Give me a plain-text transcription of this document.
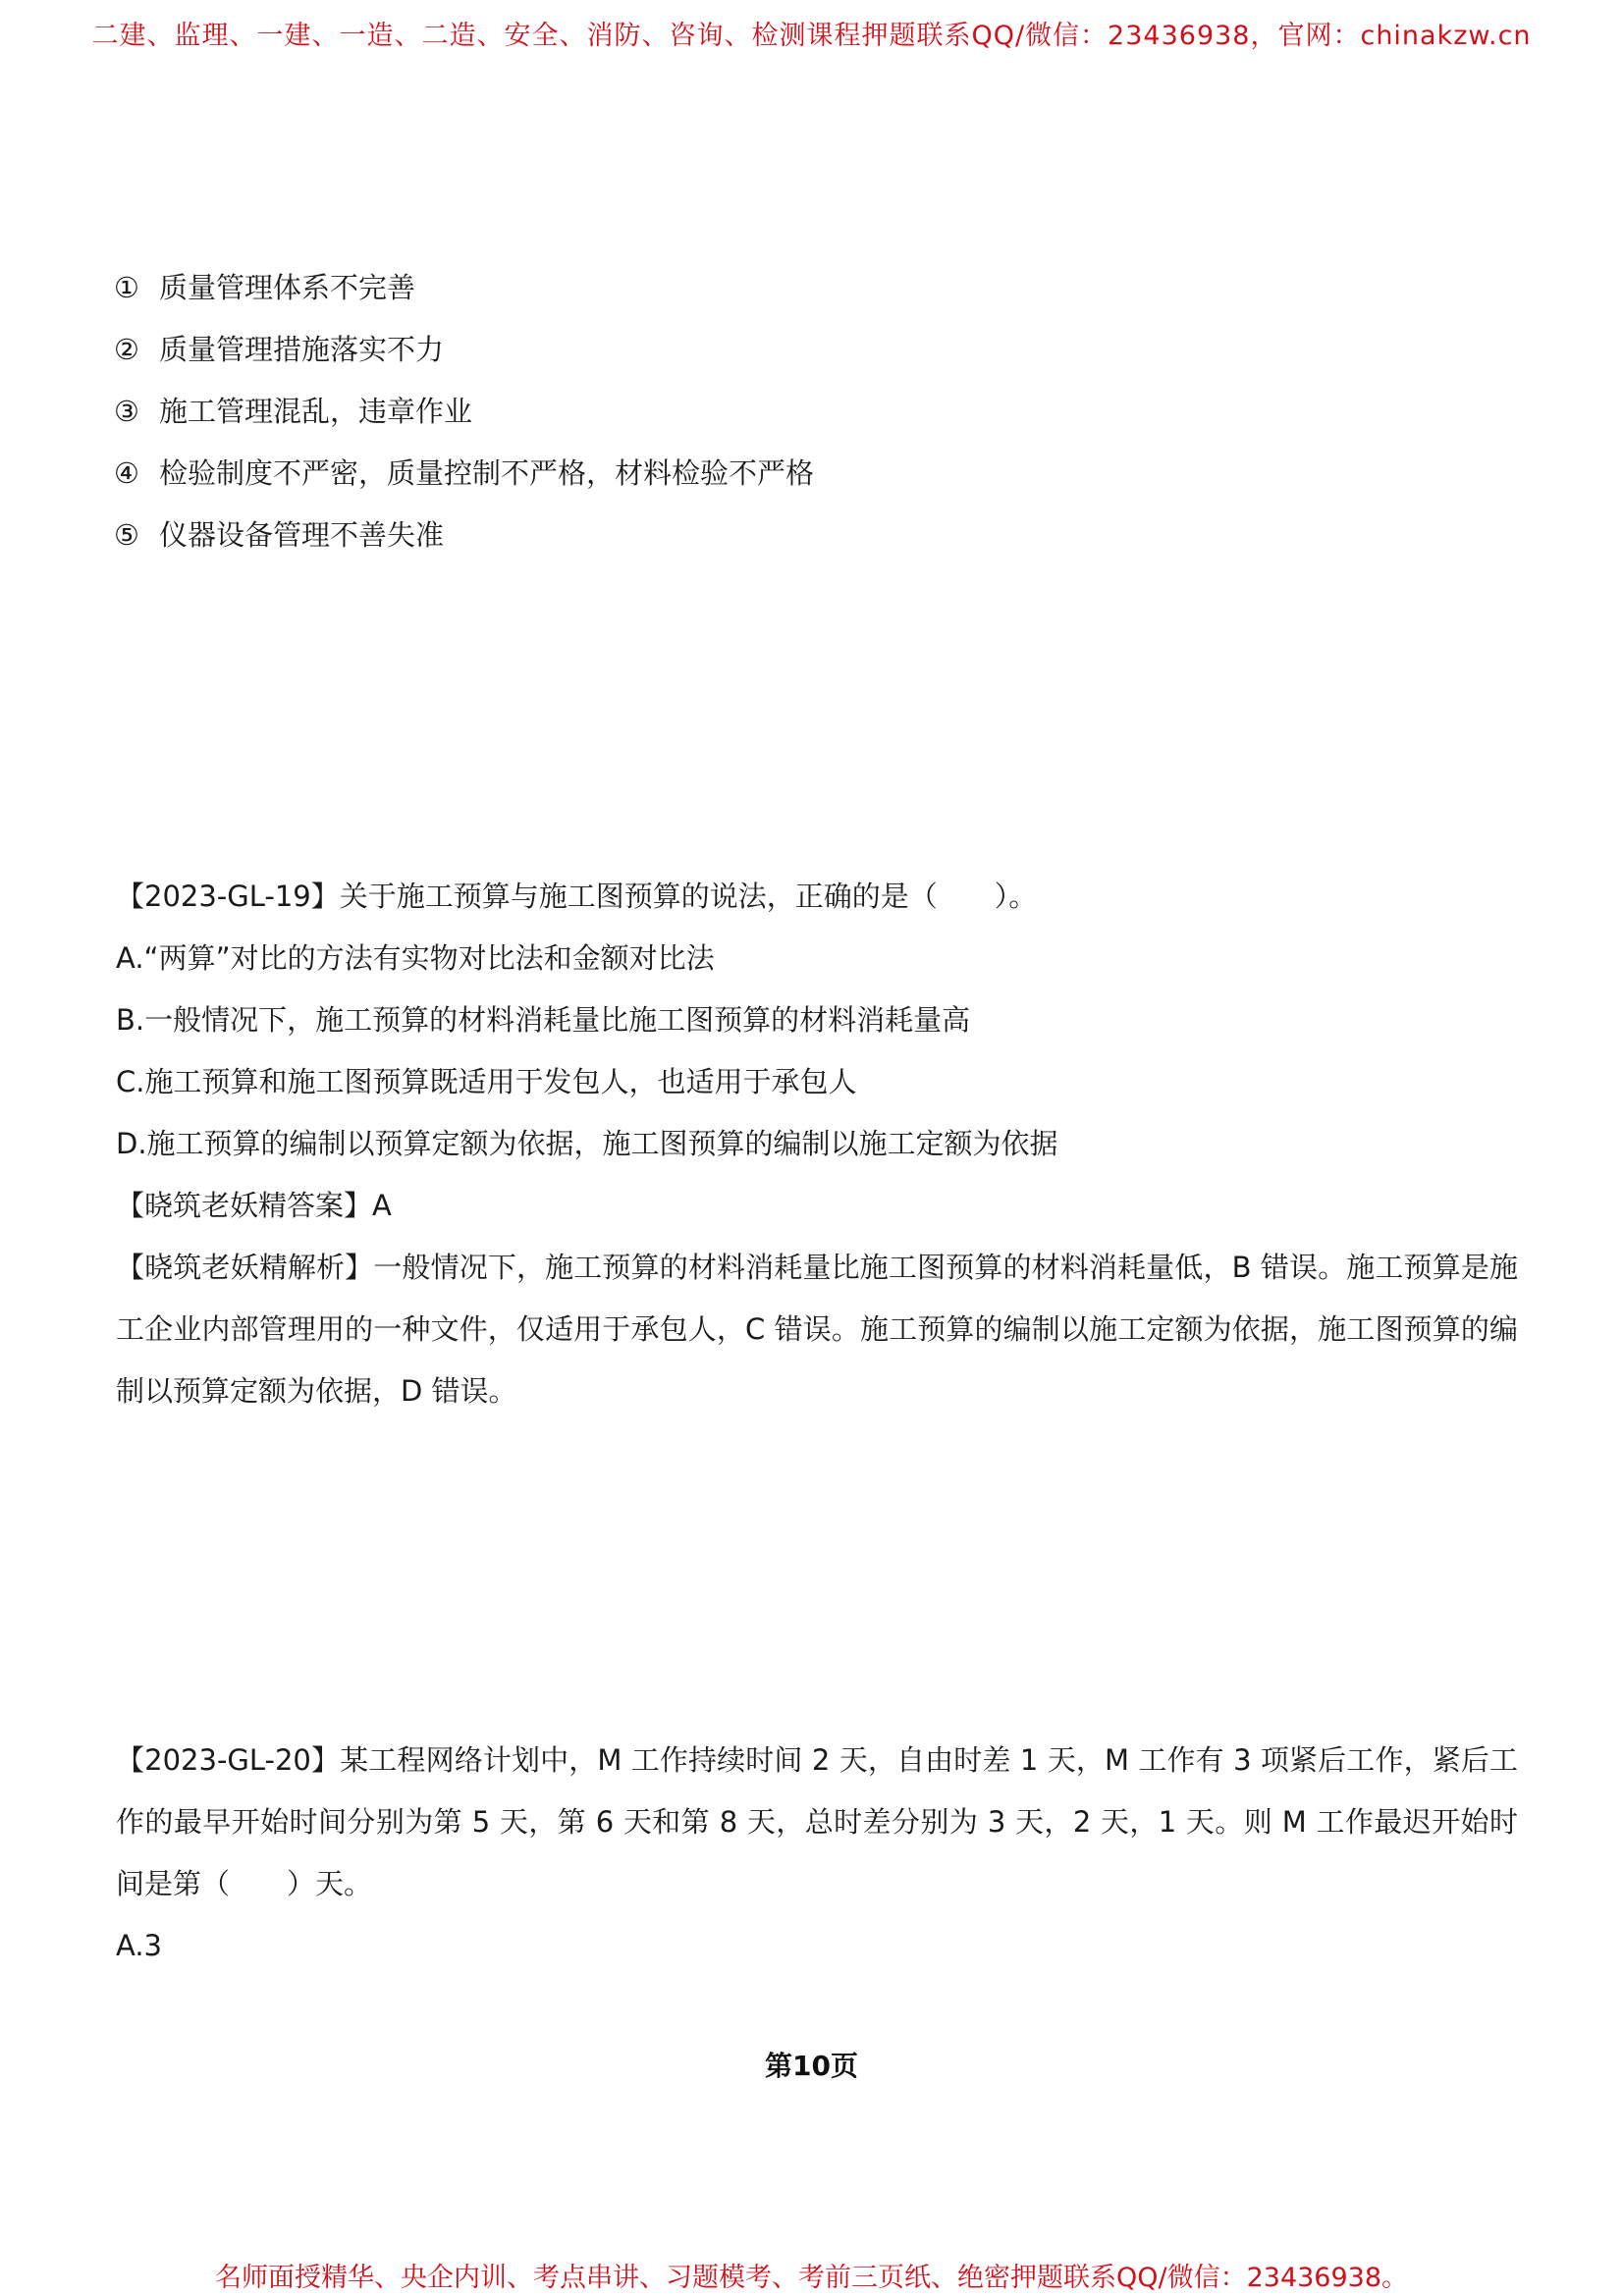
二建、监理、一建、一造、二造、安全、消防、咨询、检测课程押题联系QQ/微信：23436938，官网：chinakzw.cn
① 质量管理体系不完善
② 质量管理措施落实不力
③ 施工管理混乱，违章作业
④ 检验制度不严密，质量控制不严格，材料检验不严格
⑤ 仪器设备管理不善失准

【2023-GL-19】关于施工预算与施工图预算的说法，正确的是（　　）。

A.“两算”对比的方法有实物对比法和金额对比法

B.一般情况下，施工预算的材料消耗量比施工图预算的材料消耗量高

C.施工预算和施工图预算既适用于发包人，也适用于承包人

D.施工预算的编制以预算定额为依据，施工图预算的编制以施工定额为依据

【晓筑老妖精答案】A

【晓筑老妖精解析】一般情况下，施工预算的材料消耗量比施工图预算的材料消耗量低，B 错误。施工预算是施工企业内部管理用的一种文件，仅适用于承包人，C 错误。施工预算的编制以施工定额为依据，施工图预算的编制以预算定额为依据，D 错误。

【2023-GL-20】某工程网络计划中，M 工作持续时间 2 天，自由时差 1 天，M 工作有 3 项紧后工作，紧后工作的最早开始时间分别为第 5 天，第 6 天和第 8 天，总时差分别为 3 天，2 天，1 天。则 M 工作最迟开始时间是第（　　）天。

A.3

第10页
名师面授精华、央企内训、考点串讲、习题模考、考前三页纸、绝密押题联系QQ/微信：23436938。
